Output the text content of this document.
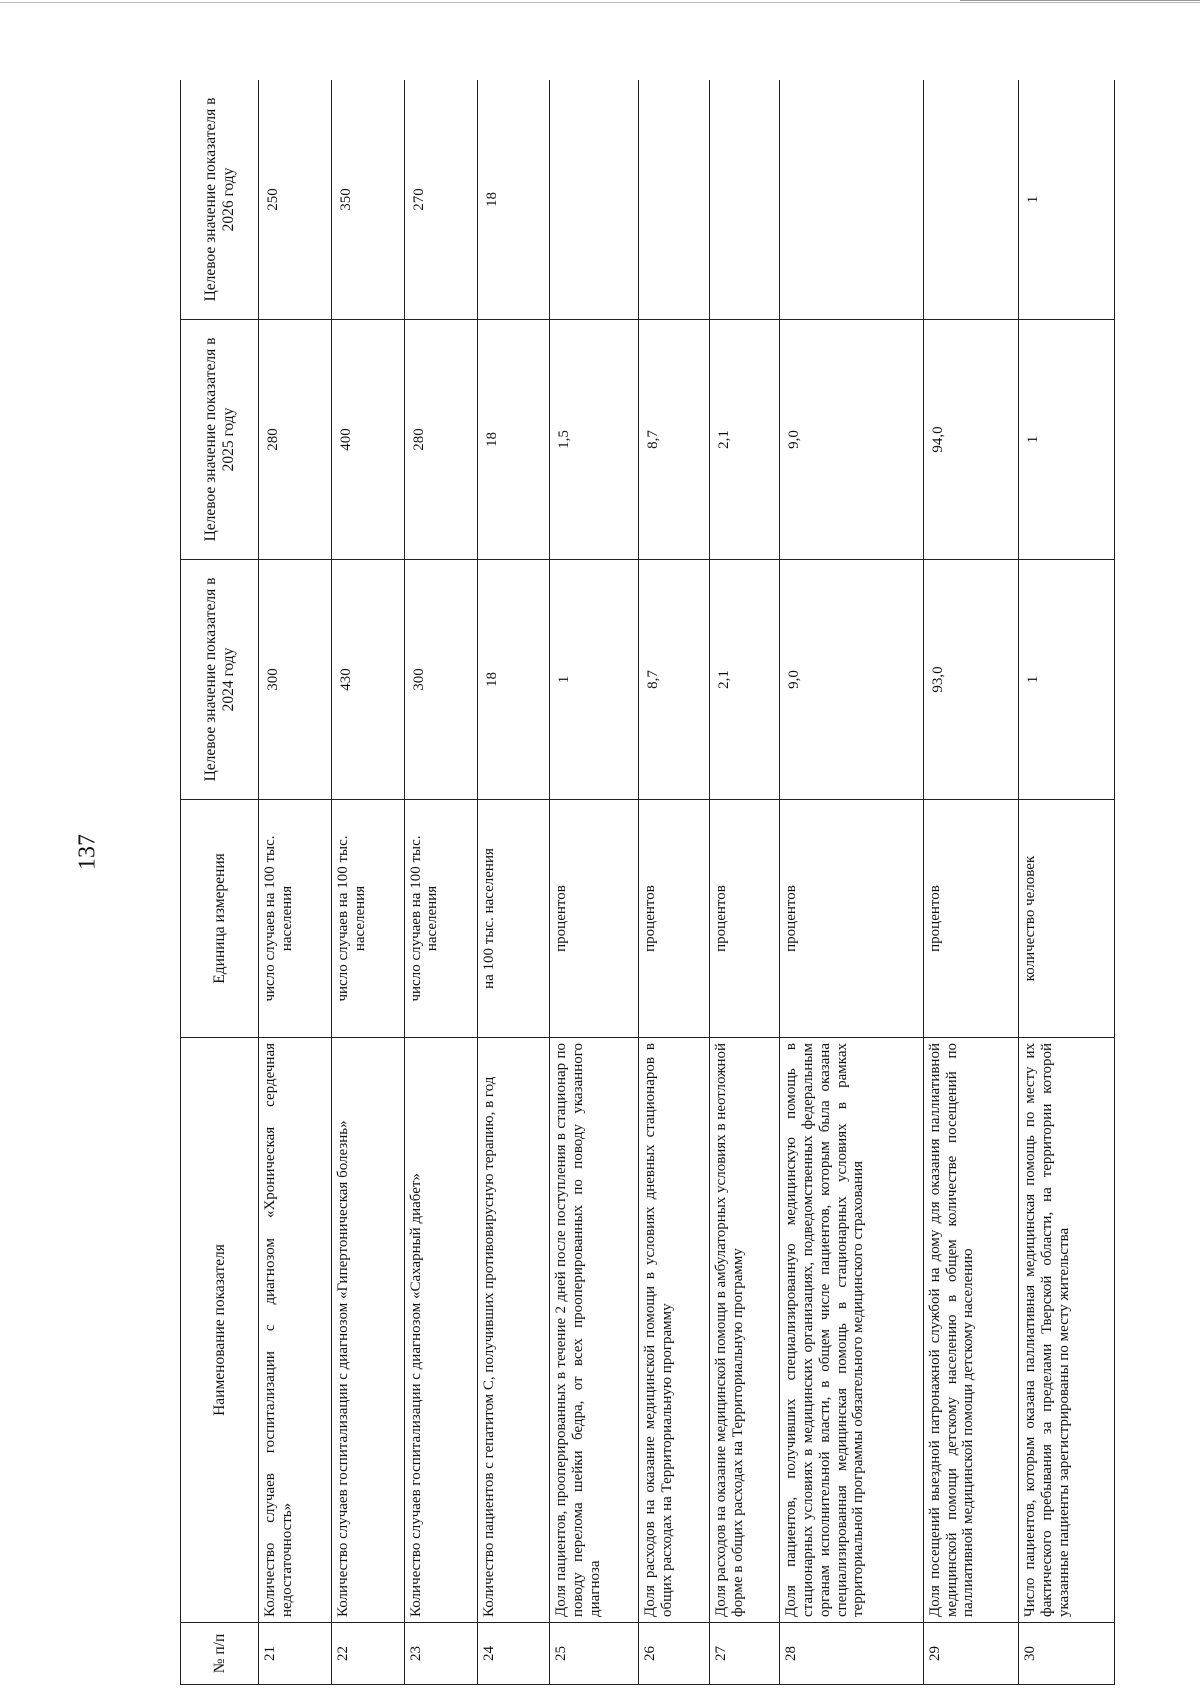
137
№ п/п	Наименование показателя	Единица измерения	Целевое значение показателя в 2024 году	Целевое значение показателя в 2025 году	Целевое значение показателя в 2026 году
21	Количество случаев госпитализации с диагнозом «Хроническая сердечная недостаточность»	число случаев на 100 тыс. населения	300	280	250
22	Количество случаев госпитализации с диагнозом «Гипертоническая болезнь»	число случаев на 100 тыс. населения	430	400	350
23	Количество случаев госпитализации с диагнозом «Сахарный диабет»	число случаев на 100 тыс. населения	300	280	270
24	Количество пациентов с гепатитом С, получивших противовирусную терапию, в год	на 100 тыс. населения	18	18	18
25	Доля пациентов, прооперированных в течение 2 дней после поступления в стационар по поводу перелома шейки бедра, от всех прооперированных по поводу указанного диагноза	процентов	1	1,5	
26	Доля расходов на оказание медицинской помощи в условиях дневных стационаров в общих расходах на Территориальную программу	процентов	8,7	8,7	
27	Доля расходов на оказание медицинской помощи в амбулаторных условиях в неотложной форме в общих расходах на Территориальную программу	процентов	2,1	2,1	
28	Доля пациентов, получивших специализированную медицинскую помощь в стационарных условиях в медицинских организациях, подведомственных федеральным органам исполнительной власти, в общем числе пациентов, которым была оказана специализированная медицинская помощь в стационарных условиях в рамках территориальной программы обязательного медицинского страхования	процентов	9,0	9,0	
29	Доля посещений выездной патронажной службой на дому для оказания паллиативной медицинской помощи детскому населению в общем количестве посещений по паллиативной медицинской помощи детскому населению	процентов	93,0	94,0	
30	Число пациентов, которым оказана паллиативная медицинская помощь по месту их фактического пребывания за пределами Тверской области, на территории которой указанные пациенты зарегистрированы по месту жительства	количество человек	1	1	1
